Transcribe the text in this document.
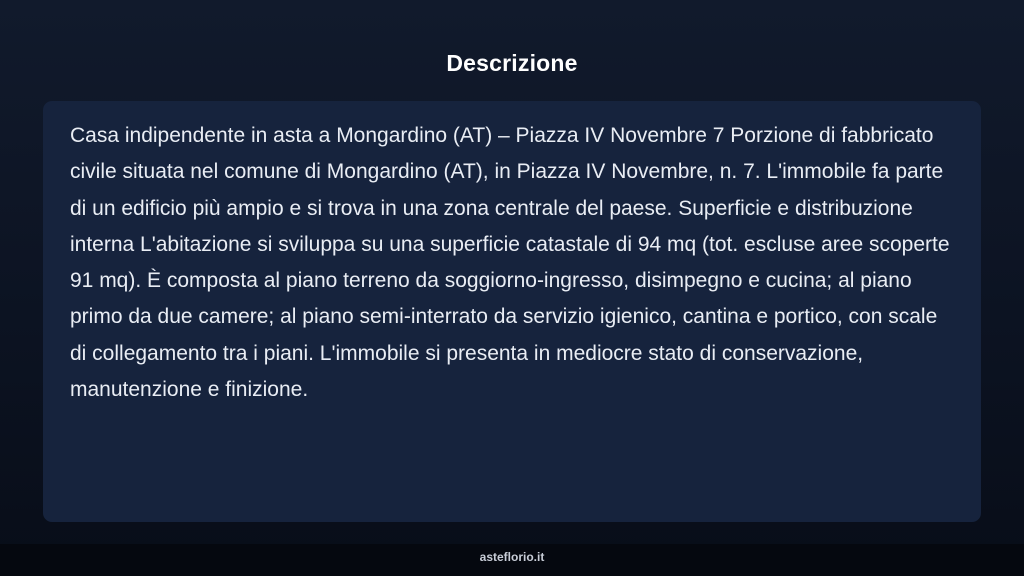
Descrizione

Casa indipendente in asta a Mongardino (AT) – Piazza IV Novembre 7 Porzione di fabbricato civile situata nel comune di Mongardino (AT), in Piazza IV Novembre, n. 7. L'immobile fa parte di un edificio più ampio e si trova in una zona centrale del paese. Superficie e distribuzione interna L'abitazione si sviluppa su una superficie catastale di 94 mq (tot. escluse aree scoperte 91 mq). È composta al piano terreno da soggiorno-ingresso, disimpegno e cucina; al piano primo da due camere; al piano semi-interrato da servizio igienico, cantina e portico, con scale di collegamento tra i piani. L'immobile si presenta in mediocre stato di conservazione, manutenzione e finizione.

asteflorio.it
